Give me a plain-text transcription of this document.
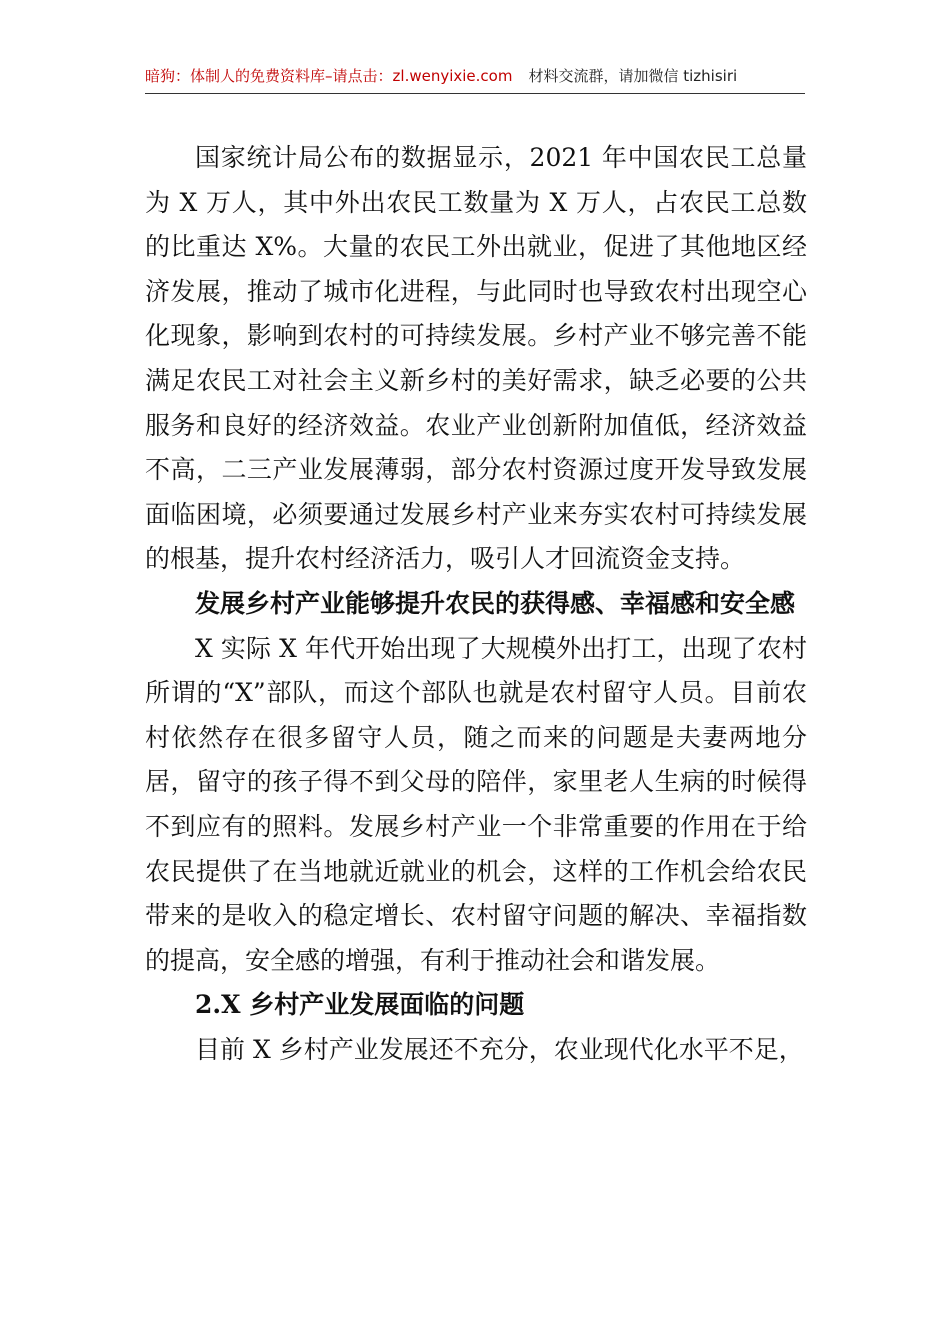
暗狗：体制人的免费资料库–请点击：zl.wenyixie.com 材料交流群，请加微信 tizhisiri

国家统计局公布的数据显示，2021 年中国农民工总量为 X 万人，其中外出农民工数量为 X 万人，占农民工总数的比重达 X%。大量的农民工外出就业，促进了其他地区经济发展，推动了城市化进程，与此同时也导致农村出现空心化现象，影响到农村的可持续发展。乡村产业不够完善不能满足农民工对社会主义新乡村的美好需求，缺乏必要的公共服务和良好的经济效益。农业产业创新附加值低，经济效益不高，二三产业发展薄弱，部分农村资源过度开发导致发展面临困境，必须要通过发展乡村产业来夯实农村可持续发展的根基，提升农村经济活力，吸引人才回流资金支持。

发展乡村产业能够提升农民的获得感、幸福感和安全感

X 实际 X 年代开始出现了大规模外出打工，出现了农村所谓的“X”部队，而这个部队也就是农村留守人员。目前农村依然存在很多留守人员，随之而来的问题是夫妻两地分居，留守的孩子得不到父母的陪伴，家里老人生病的时候得不到应有的照料。发展乡村产业一个非常重要的作用在于给农民提供了在当地就近就业的机会，这样的工作机会给农民带来的是收入的稳定增长、农村留守问题的解决、幸福指数的提高，安全感的增强，有利于推动社会和谐发展。

2.X 乡村产业发展面临的问题

目前 X 乡村产业发展还不充分，农业现代化水平不足，
